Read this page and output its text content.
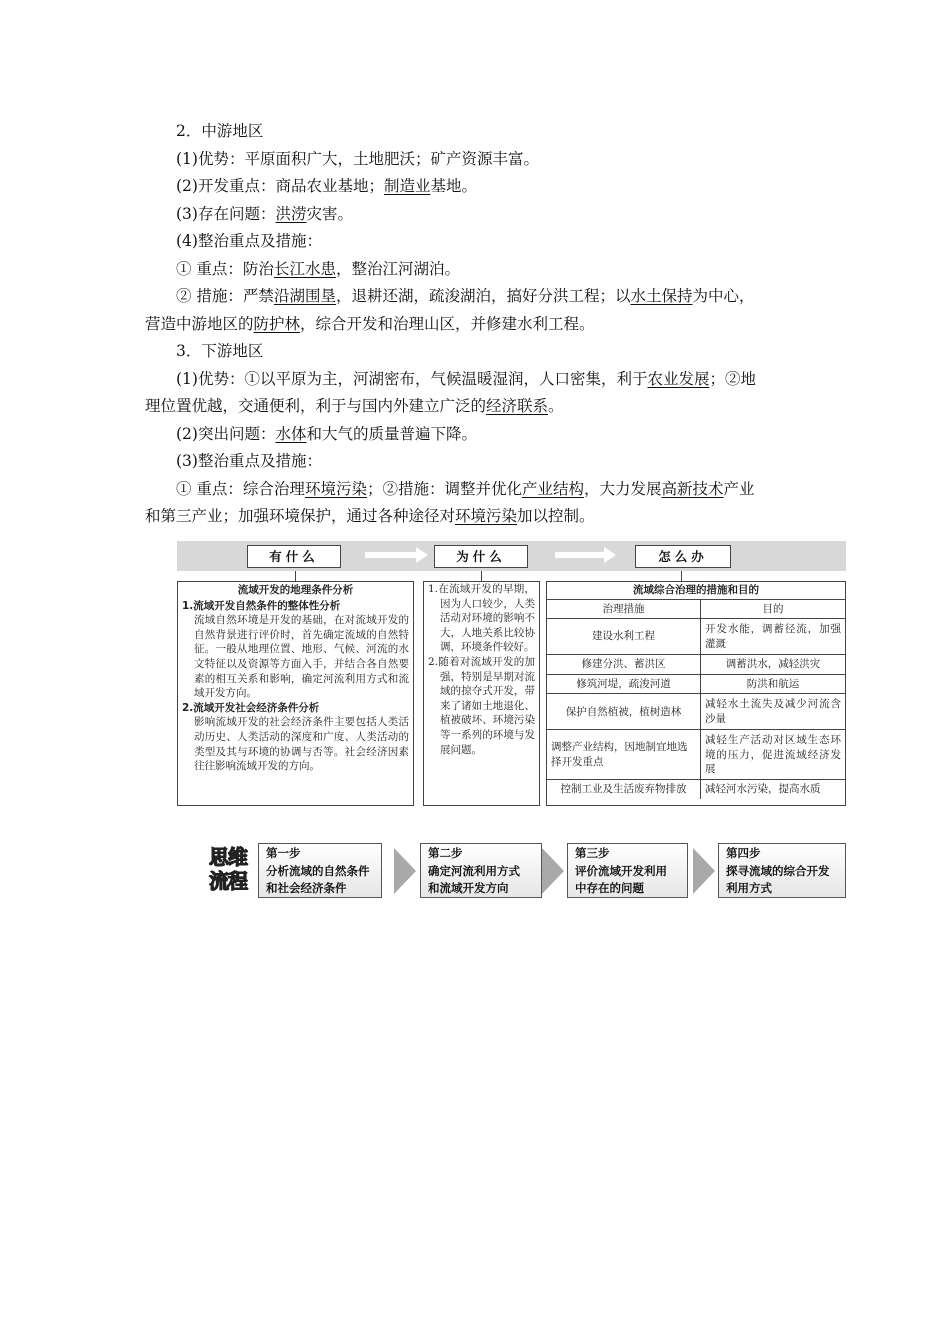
2．中游地区

(1)优势：平原面积广大，土地肥沃；矿产资源丰富。

(2)开发重点：商品农业基地；制造业基地。

(3)存在问题：洪涝灾害。

(4)整治重点及措施：

① 重点：防治长江水患，整治江河湖泊。

② 措施：严禁沿湖围垦，退耕还湖，疏浚湖泊，搞好分洪工程；以水土保持为中心，

营造中游地区的防护林，综合开发和治理山区，并修建水利工程。

3．下游地区

(1)优势：①以平原为主，河湖密布，气候温暖湿润，人口密集，利于农业发展；②地

理位置优越，交通便利，利于与国内外建立广泛的经济联系。

(2)突出问题：水体和大气的质量普遍下降。

(3)整治重点及措施：

① 重点：综合治理环境污染；②措施：调整并优化产业结构，大力发展高新技术产业

和第三产业；加强环境保护，通过各种途径对环境污染加以控制。

有什么	为什么	怎么办
流域开发的地理条件分析
1.流域开发自然条件的整体性分析
流域自然环境是开发的基础，在对流域开发的自然背景进行评价时，首先确定流域的自然特征。一般从地理位置、地形、气候、河流的水文特征以及资源等方面入手，并结合各自然要素的相互关系和影响，确定河流利用方式和流域开发方向。
2.流域开发社会经济条件分析
影响流域开发的社会经济条件主要包括人类活动历史、人类活动的深度和广度、人类活动的类型及其与环境的协调与否等。社会经济因素往往影响流域开发的方向。
1.在流域开发的早期，因为人口较少，人类活动对环境的影响不大，人地关系比较协调，环境条件较好。
2.随着对流域开发的加强，特别是早期对流域的掠夺式开发，带来了诸如土地退化、植被破坏、环境污染等一系列的环境与发展问题。
流域综合治理的措施和目的
治理措施	目的
建设水利工程	开发水能，调蓄径流，加强灌溉
修建分洪、蓄洪区	调蓄洪水，减轻洪灾
修筑河堤，疏浚河道	防洪和航运
保护自然植被，植树造林	减轻水土流失及减少河流含沙量
调整产业结构，因地制宜地选择开发重点	减轻生产活动对区域生态环境的压力，促进流域经济发展
控制工业及生活废弃物排放	减轻河水污染，提高水质
思维
流程
第一步
分析流域的自然条件
和社会经济条件
第二步
确定河流利用方式
和流域开发方向
第三步
评价流域开发利用
中存在的问题
第四步
探寻流域的综合开发
利用方式
